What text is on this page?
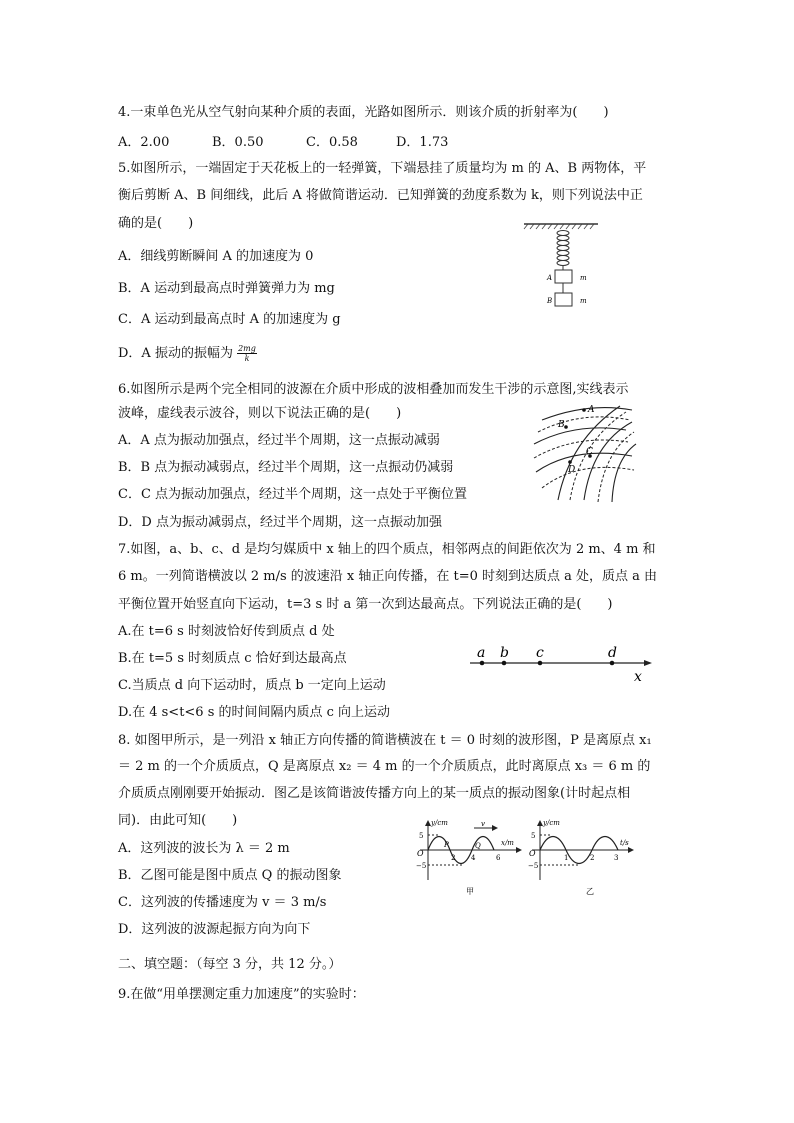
4.一束单色光从空气射向某种介质的表面，光路如图所示．则该介质的折射率为(　　)
A．2.00	B．0.50	C．0.58	D．1.73
5.如图所示，一端固定于天花板上的一轻弹簧，下端悬挂了质量均为 m 的 A、B 两物体，平
衡后剪断 A、B 间细线，此后 A 将做简谐运动．已知弹簧的劲度系数为 k，则下列说法中正
确的是(　　)
A．细线剪断瞬间 A 的加速度为 0
B．A 运动到最高点时弹簧弹力为 mg
C．A 运动到最高点时 A 的加速度为 g
D．A 振动的振幅为 $\frac{2mg}{k}$
A
B
m
m
6.如图所示是两个完全相同的波源在介质中形成的波相叠加而发生干涉的示意图,实线表示
波峰，虚线表示波谷，则以下说法正确的是(　　)
A．A 点为振动加强点，经过半个周期，这一点振动减弱
B．B 点为振动减弱点，经过半个周期，这一点振动仍减弱
C．C 点为振动加强点，经过半个周期，这一点处于平衡位置
D．D 点为振动减弱点，经过半个周期，这一点振动加强
A
B
C
D
7.如图，a、b、c、d 是均匀媒质中 x 轴上的四个质点，相邻两点的间距依次为 2 m、4 m 和
6 m。一列简谐横波以 2 m/s 的波速沿 x 轴正向传播，在 t=0 时刻到达质点 a 处，质点 a 由
平衡位置开始竖直向下运动，t=3 s 时 a 第一次到达最高点。下列说法正确的是(　　)
A.在 t=6 s 时刻波恰好传到质点 d 处
B.在 t=5 s 时刻质点 c 恰好到达最高点
C.当质点 d 向下运动时，质点 b 一定向上运动
D.在 4 s<t<6 s 的时间间隔内质点 c 向上运动
a b c	d
x
8. 如图甲所示，是一列沿 x 轴正方向传播的简谐横波在 t ＝ 0 时刻的波形图，P 是离原点 x₁
＝ 2 m 的一个介质质点，Q 是离原点 x₂ ＝ 4 m 的一个介质质点，此时离原点 x₃ ＝ 6 m 的
介质质点刚刚要开始振动．图乙是该简谐波传播方向上的某一质点的振动图象(计时起点相
同)．由此可知(　　)
A．这列波的波长为 λ ＝ 2 m
B．乙图可能是图中质点 Q 的振动图象
C．这列波的传播速度为 v ＝ 3 m/s
D．这列波的波源起振方向为向下
y/cm
x/m
v
O
5
−5
2 4	6
P	Q
甲
y/cm
t/s
O
5
−5
1	2	3
乙
二、填空题：（每空 3 分，共 12 分。）
9.在做“用单摆测定重力加速度”的实验时：
